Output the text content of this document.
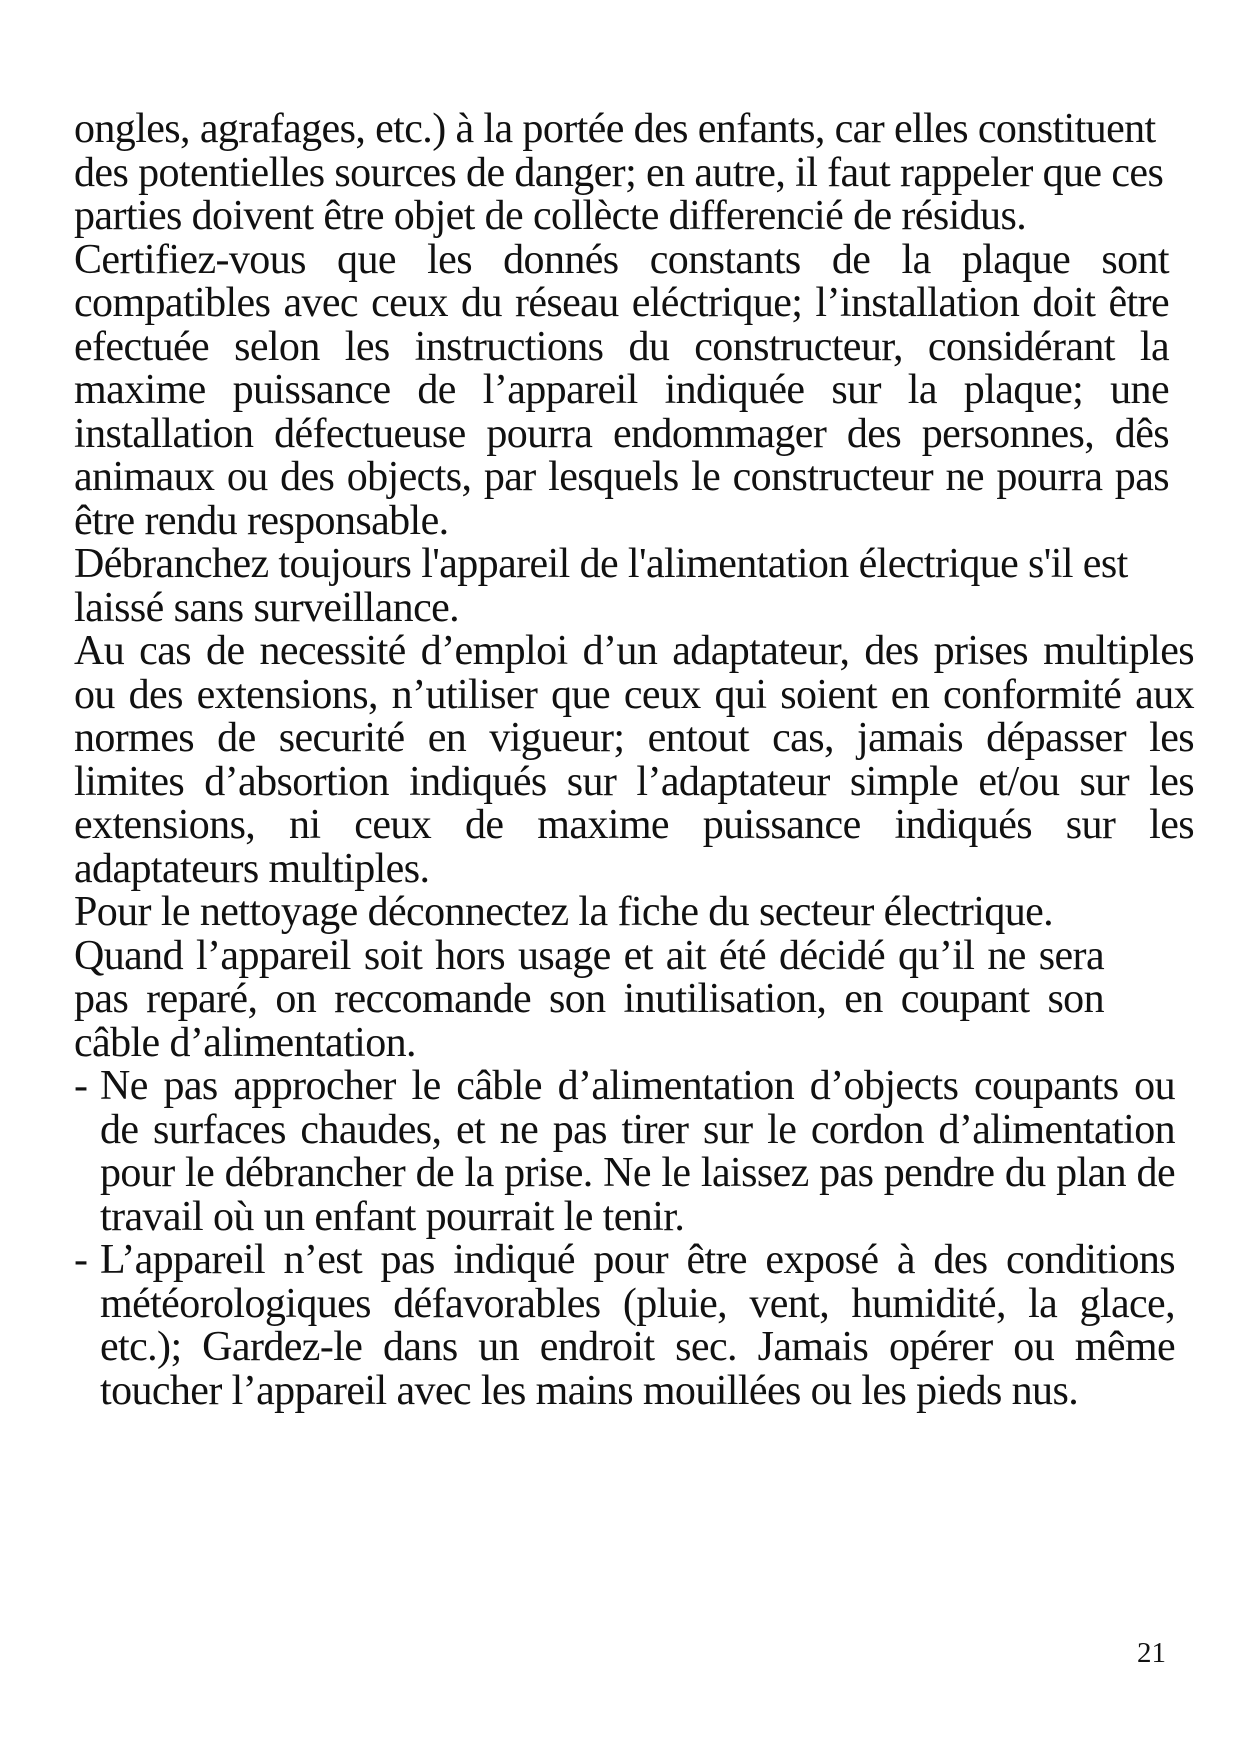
ongles, agrafages, etc.) à la portée des enfants, car elles constituent des potentielles sources de danger; en autre, il faut rappeler que ces parties doivent être objet de collècte differencié de résidus.

Certifiez-vous que les donnés constants de la plaque sont compatibles avec ceux du réseau eléctrique; l’installation doit être efectuée selon les instructions du constructeur, considérant la maxime puissance de l’appareil indiquée sur la plaque; une installation défectueuse pourra endommager des personnes, dês animaux ou des objects, par lesquels le constructeur ne pourra pas être rendu responsable.

Débranchez toujours l'appareil de l'alimentation électrique s'il est laissé sans surveillance.

Au cas de necessité d’emploi d’un adaptateur, des prises multiples ou des extensions, n’utiliser que ceux qui soient en conformité aux normes de securité en vigueur; entout cas, jamais dépasser les limites d’absortion indiqués sur l’adaptateur simple et/ou sur les extensions, ni ceux de maxime puissance indiqués sur les adaptateurs multiples.

Pour le nettoyage déconnectez la fiche du secteur électrique.

Quand l’appareil soit hors usage et ait été décidé qu’il ne sera pas reparé, on reccomande son inutilisation, en coupant son câble d’alimentation.

- Ne pas approcher le câble d’alimentation d’objects coupants ou de surfaces chaudes, et ne pas tirer sur le cordon d’alimentation pour le débrancher de la prise. Ne le laissez pas pendre du plan de travail où un enfant pourrait le tenir.
- L’appareil n’est pas indiqué pour être exposé à des conditions météorologiques défavorables (pluie, vent, humidité, la glace, etc.); Gardez-le dans un endroit sec. Jamais opérer ou même toucher l’appareil avec les mains mouillées ou les pieds nus.
21
